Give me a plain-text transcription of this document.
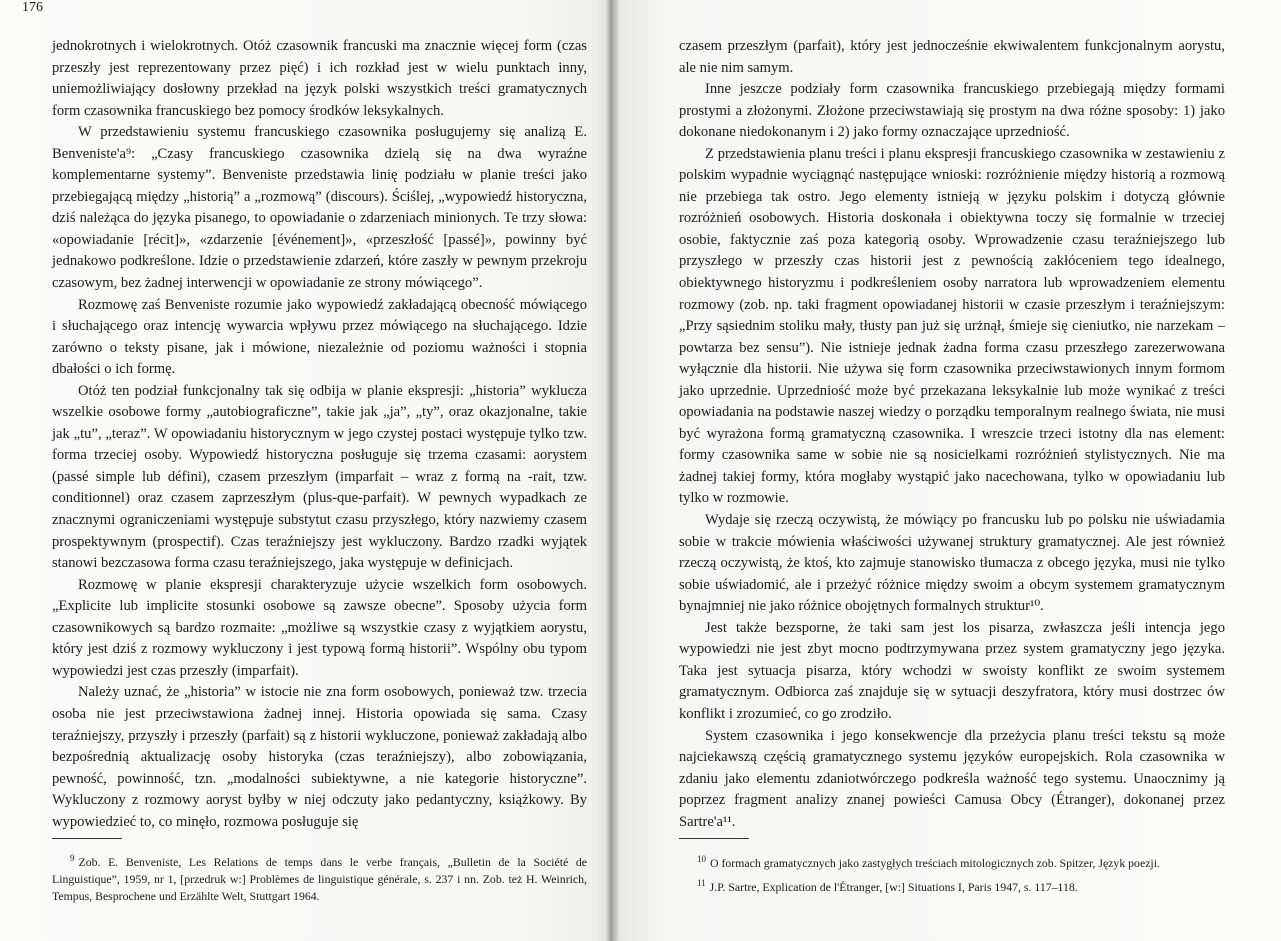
176

jednokrotnych i wielokrotnych. Otóż czasownik francuski ma znacznie więcej form (czas przeszły jest reprezentowany przez pięć) i ich rozkład jest w wielu punktach inny, uniemożliwiający dosłowny przekład na język polski wszystkich treści gramatycznych form czasownika francuskiego bez pomocy środków leksykalnych.

W przedstawieniu systemu francuskiego czasownika posługujemy się analizą E. Benveniste'a⁹: „Czasy francuskiego czasownika dzielą się na dwa wyraźne komplementarne systemy”. Benveniste przedstawia linię podziału w planie treści jako przebiegającą między „historią” a „rozmową” (discours). Ściślej, „wypowiedź historyczna, dziś należąca do języka pisanego, to opowiadanie o zdarzeniach minionych. Te trzy słowa: «opowiadanie [récit]», «zdarzenie [événement]», «przeszłość [passé]», powinny być jednakowo podkreślone. Idzie o przedstawienie zdarzeń, które zaszły w pewnym przekroju czasowym, bez żadnej interwencji w opowiadanie ze strony mówiącego”.

Rozmowę zaś Benveniste rozumie jako wypowiedź zakładającą obecność mówiącego i słuchającego oraz intencję wywarcia wpływu przez mówiącego na słuchającego. Idzie zarówno o teksty pisane, jak i mówione, niezależnie od poziomu ważności i stopnia dbałości o ich formę.

Otóż ten podział funkcjonalny tak się odbija w planie ekspresji: „historia” wyklucza wszelkie osobowe formy „autobiograficzne”, takie jak „ja”, „ty”, oraz okazjonalne, takie jak „tu”, „teraz”. W opowiadaniu historycznym w jego czystej postaci występuje tylko tzw. forma trzeciej osoby. Wypowiedź historyczna posługuje się trzema czasami: aorystem (passé simple lub défini), czasem przeszłym (imparfait – wraz z formą na -rait, tzw. conditionnel) oraz czasem zaprzeszłym (plus-que-parfait). W pewnych wypadkach ze znacznymi ograniczeniami występuje substytut czasu przyszłego, który nazwiemy czasem prospektywnym (prospectif). Czas teraźniejszy jest wykluczony. Bardzo rzadki wyjątek stanowi bezczasowa forma czasu teraźniejszego, jaka występuje w definicjach.

Rozmowę w planie ekspresji charakteryzuje użycie wszelkich form osobowych. „Explicite lub implicite stosunki osobowe są zawsze obecne”. Sposoby użycia form czasownikowych są bardzo rozmaite: „możliwe są wszystkie czasy z wyjątkiem aorystu, który jest dziś z rozmowy wykluczony i jest typową formą historii”. Wspólny obu typom wypowiedzi jest czas przeszły (imparfait).

Należy uznać, że „historia” w istocie nie zna form osobowych, ponieważ tzw. trzecia osoba nie jest przeciwstawiona żadnej innej. Historia opowiada się sama. Czasy teraźniejszy, przyszły i przeszły (parfait) są z historii wykluczone, ponieważ zakładają albo bezpośrednią aktualizację osoby historyka (czas teraźniejszy), albo zobowiązania, pewność, powinność, tzn. „modalności subiektywne, a nie kategorie historyczne”. Wykluczony z rozmowy aoryst byłby w niej odczuty jako pedantyczny, książkowy. By wypowiedzieć to, co minęło, rozmowa posługuje się

$^9$ Zob. E. Benveniste, Les Relations de temps dans le verbe français, „Bulletin de la Société de Linguistique”, 1959, nr 1, [przedruk w:] Problèmes de linguistique générale, s. 237 i nn. Zob. też H. Weinrich, Tempus, Besprochene und Erzählte Welt, Stuttgart 1964.

czasem przeszłym (parfait), który jest jednocześnie ekwiwalentem funkcjonalnym aorystu, ale nie nim samym.

Inne jeszcze podziały form czasownika francuskiego przebiegają między formami prostymi a złożonymi. Złożone przeciwstawiają się prostym na dwa różne sposoby: 1) jako dokonane niedokonanym i 2) jako formy oznaczające uprzedniość.

Z przedstawienia planu treści i planu ekspresji francuskiego czasownika w zestawieniu z polskim wypadnie wyciągnąć następujące wnioski: rozróżnienie między historią a rozmową nie przebiega tak ostro. Jego elementy istnieją w języku polskim i dotyczą głównie rozróżnień osobowych. Historia doskonała i obiektywna toczy się formalnie w trzeciej osobie, faktycznie zaś poza kategorią osoby. Wprowadzenie czasu teraźniejszego lub przyszłego w przeszły czas historii jest z pewnością zakłóceniem tego idealnego, obiektywnego historyzmu i podkreśleniem osoby narratora lub wprowadzeniem elementu rozmowy (zob. np. taki fragment opowiadanej historii w czasie przeszłym i teraźniejszym: „Przy sąsiednim stoliku mały, tłusty pan już się urżnął, śmieje się cieniutko, nie narzekam – powtarza bez sensu”). Nie istnieje jednak żadna forma czasu przeszłego zarezerwowana wyłącznie dla historii. Nie używa się form czasownika przeciwstawionych innym formom jako uprzednie. Uprzedniość może być przekazana leksykalnie lub może wynikać z treści opowiadania na podstawie naszej wiedzy o porządku temporalnym realnego świata, nie musi być wyrażona formą gramatyczną czasownika. I wreszcie trzeci istotny dla nas element: formy czasownika same w sobie nie są nosicielkami rozróżnień stylistycznych. Nie ma żadnej takiej formy, która mogłaby wystąpić jako nacechowana, tylko w opowiadaniu lub tylko w rozmowie.

Wydaje się rzeczą oczywistą, że mówiący po francusku lub po polsku nie uświadamia sobie w trakcie mówienia właściwości używanej struktury gramatycznej. Ale jest również rzeczą oczywistą, że ktoś, kto zajmuje stanowisko tłumacza z obcego języka, musi nie tylko sobie uświadomić, ale i przeżyć różnice między swoim a obcym systemem gramatycznym bynajmniej nie jako różnice obojętnych formalnych struktur¹⁰.

Jest także bezsporne, że taki sam jest los pisarza, zwłaszcza jeśli intencja jego wypowiedzi nie jest zbyt mocno podtrzymywana przez system gramatyczny jego języka. Taka jest sytuacja pisarza, który wchodzi w swoisty konflikt ze swoim systemem gramatycznym. Odbiorca zaś znajduje się w sytuacji deszyfratora, który musi dostrzec ów konflikt i zrozumieć, co go zrodziło.

System czasownika i jego konsekwencje dla przeżycia planu treści tekstu są może najciekawszą częścią gramatycznego systemu języków europejskich. Rola czasownika w zdaniu jako elementu zdaniotwórczego podkreśla ważność tego systemu. Unaocznimy ją poprzez fragment analizy znanej powieści Camusa Obcy (Étranger), dokonanej przez Sartre'a¹¹.

$^{10}$ O formach gramatycznych jako zastygłych treściach mitologicznych zob. Spitzer, Język poezji.

$^{11}$ J.P. Sartre, Explication de l'Étranger, [w:] Situations I, Paris 1947, s. 117–118.
